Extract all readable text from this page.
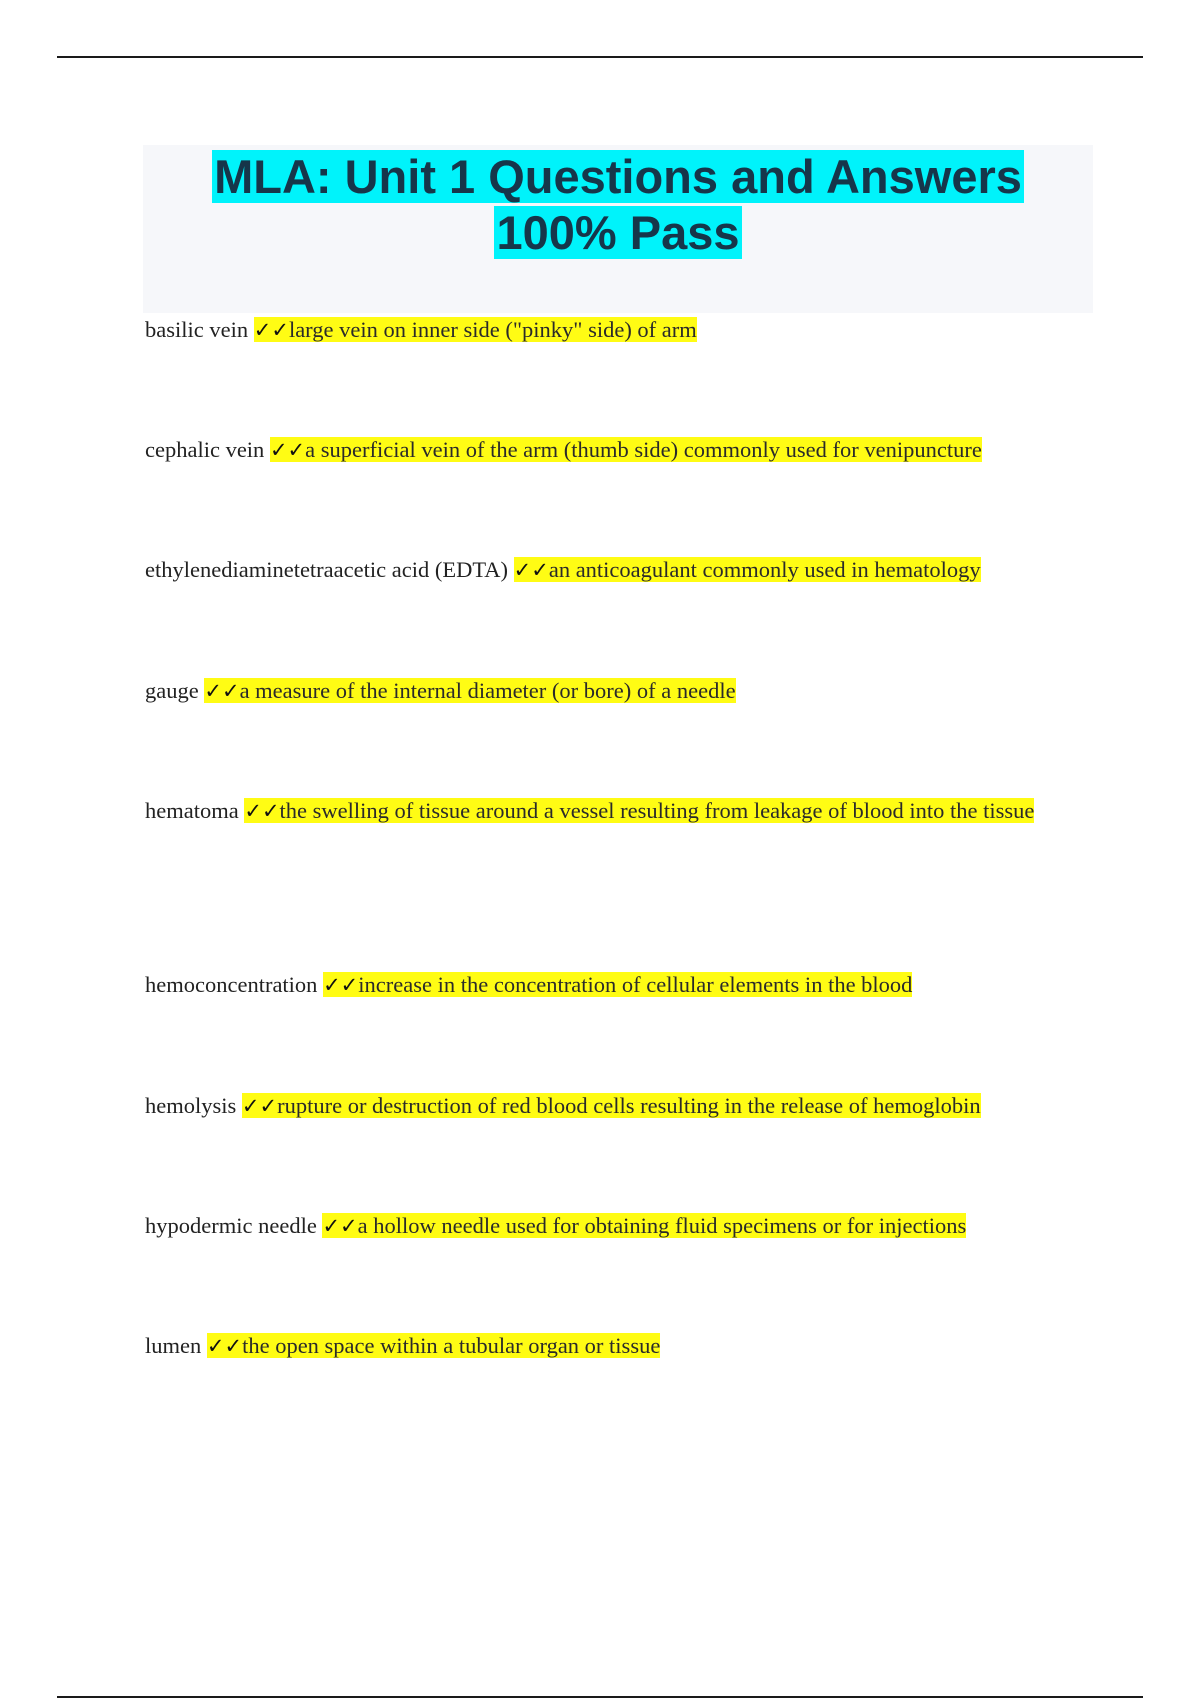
MLA: Unit 1 Questions and Answers
100% Pass
basilic vein ✓✓large vein on inner side ("pinky" side) of arm
cephalic vein ✓✓a superficial vein of the arm (thumb side) commonly used for venipuncture
ethylenediaminetetraacetic acid (EDTA) ✓✓an anticoagulant commonly used in hematology
gauge ✓✓a measure of the internal diameter (or bore) of a needle
hematoma ✓✓the swelling of tissue around a vessel resulting from leakage of blood into the tissue
hemoconcentration ✓✓increase in the concentration of cellular elements in the blood
hemolysis ✓✓rupture or destruction of red blood cells resulting in the release of hemoglobin
hypodermic needle ✓✓a hollow needle used for obtaining fluid specimens or for injections
lumen ✓✓the open space within a tubular organ or tissue
